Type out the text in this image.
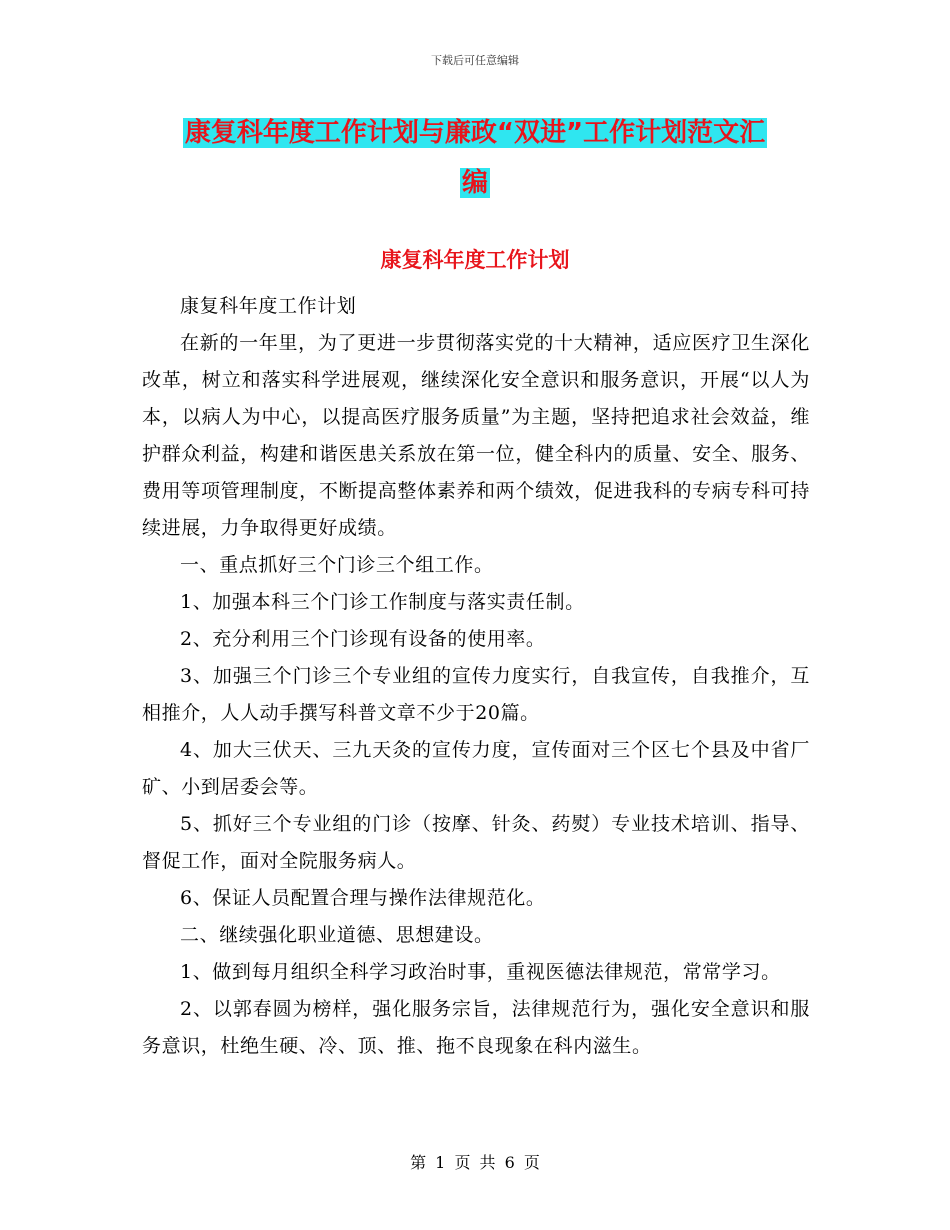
下载后可任意编辑
康复科年度工作计划与廉政“双进”工作计划范文汇
编
康复科年度工作计划

康复科年度工作计划

在新的一年里，为了更进一步贯彻落实党的十大精神，适应医疗卫生深化改革，树立和落实科学进展观，继续深化安全意识和服务意识，开展“以人为本，以病人为中心，以提高医疗服务质量”为主题，坚持把追求社会效益，维护群众利益，构建和谐医患关系放在第一位，健全科内的质量、安全、服务、费用等项管理制度，不断提高整体素养和两个绩效，促进我科的专病专科可持续进展，力争取得更好成绩。

一、重点抓好三个门诊三个组工作。

1、加强本科三个门诊工作制度与落实责任制。

2、充分利用三个门诊现有设备的使用率。

3、加强三个门诊三个专业组的宣传力度实行，自我宣传，自我推介，互相推介，人人动手撰写科普文章不少于20篇。

4、加大三伏天、三九天灸的宣传力度，宣传面对三个区七个县及中省厂矿、小到居委会等。

5、抓好三个专业组的门诊（按摩、针灸、药熨）专业技术培训、指导、督促工作，面对全院服务病人。

6、保证人员配置合理与操作法律规范化。

二、继续强化职业道德、思想建设。

1、做到每月组织全科学习政治时事，重视医德法律规范，常常学习。

2、以郭春圆为榜样，强化服务宗旨，法律规范行为，强化安全意识和服务意识，杜绝生硬、冷、顶、推、拖不良现象在科内滋生。

第 1 页 共 6 页
